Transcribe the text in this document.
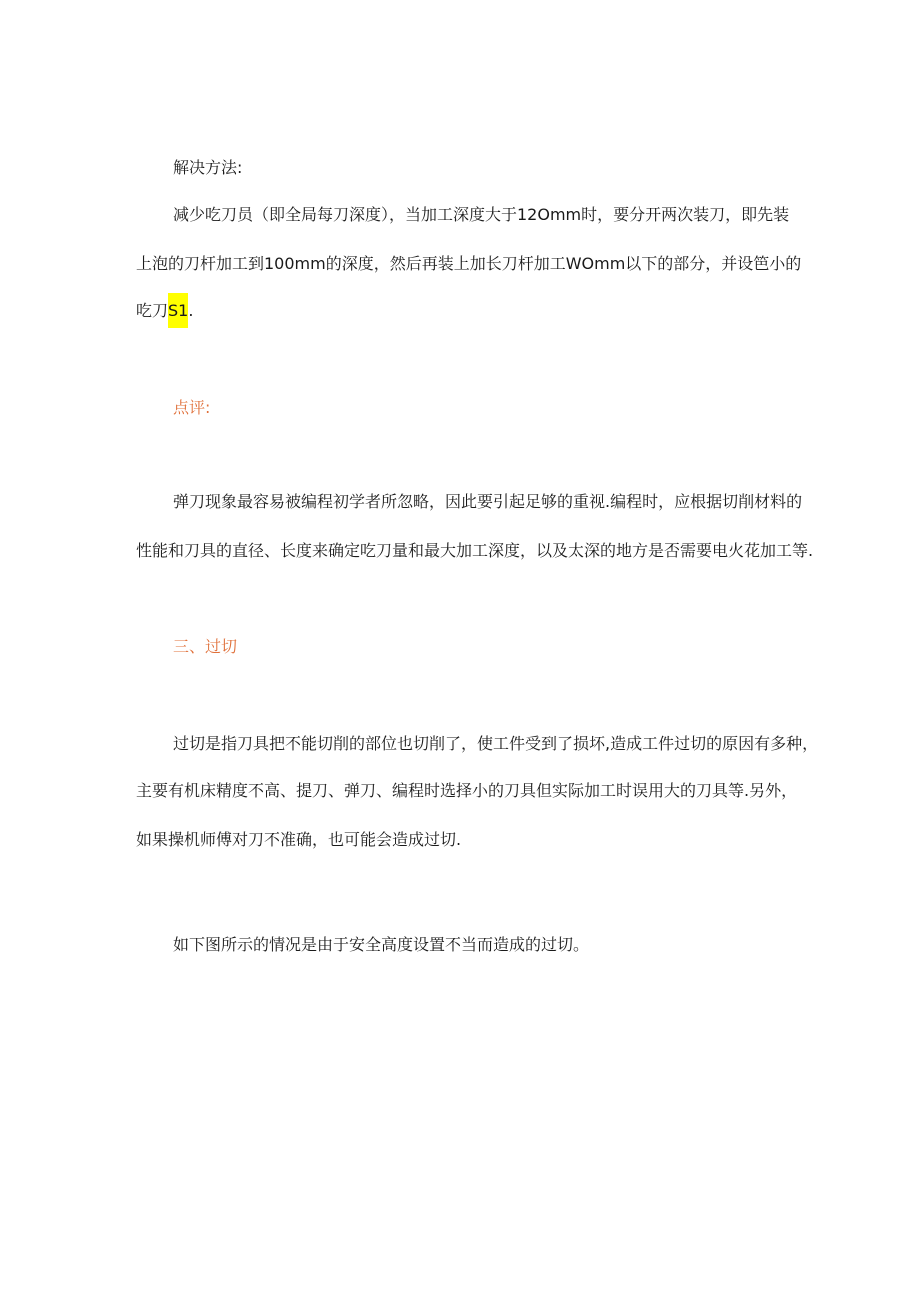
解决方法:
减少吃刀员（即全局每刀深度），当加工深度大于12Omm时，要分开两次装刀，即先装
上泡的刀杆加工到100mm的深度，然后再装上加长刀杆加工WOmm以下的部分，并设笆小的
吃刀S1.
点评:
弹刀现象最容易被编程初学者所忽略，因此要引起足够的重视.编程时，应根据切削材料的
性能和刀具的直径、长度来确定吃刀量和最大加工深度，以及太深的地方是否需要电火花加工等.
三、过切
过切是指刀具把不能切削的部位也切削了，使工件受到了损坏,造成工件过切的原因有多种，
主要有机床精度不高、提刀、弹刀、编程时选择小的刀具但实际加工时误用大的刀具等.另外，
如果操机师傅对刀不准确，也可能会造成过切.
如下图所示的情况是由于安全高度设置不当而造成的过切。
